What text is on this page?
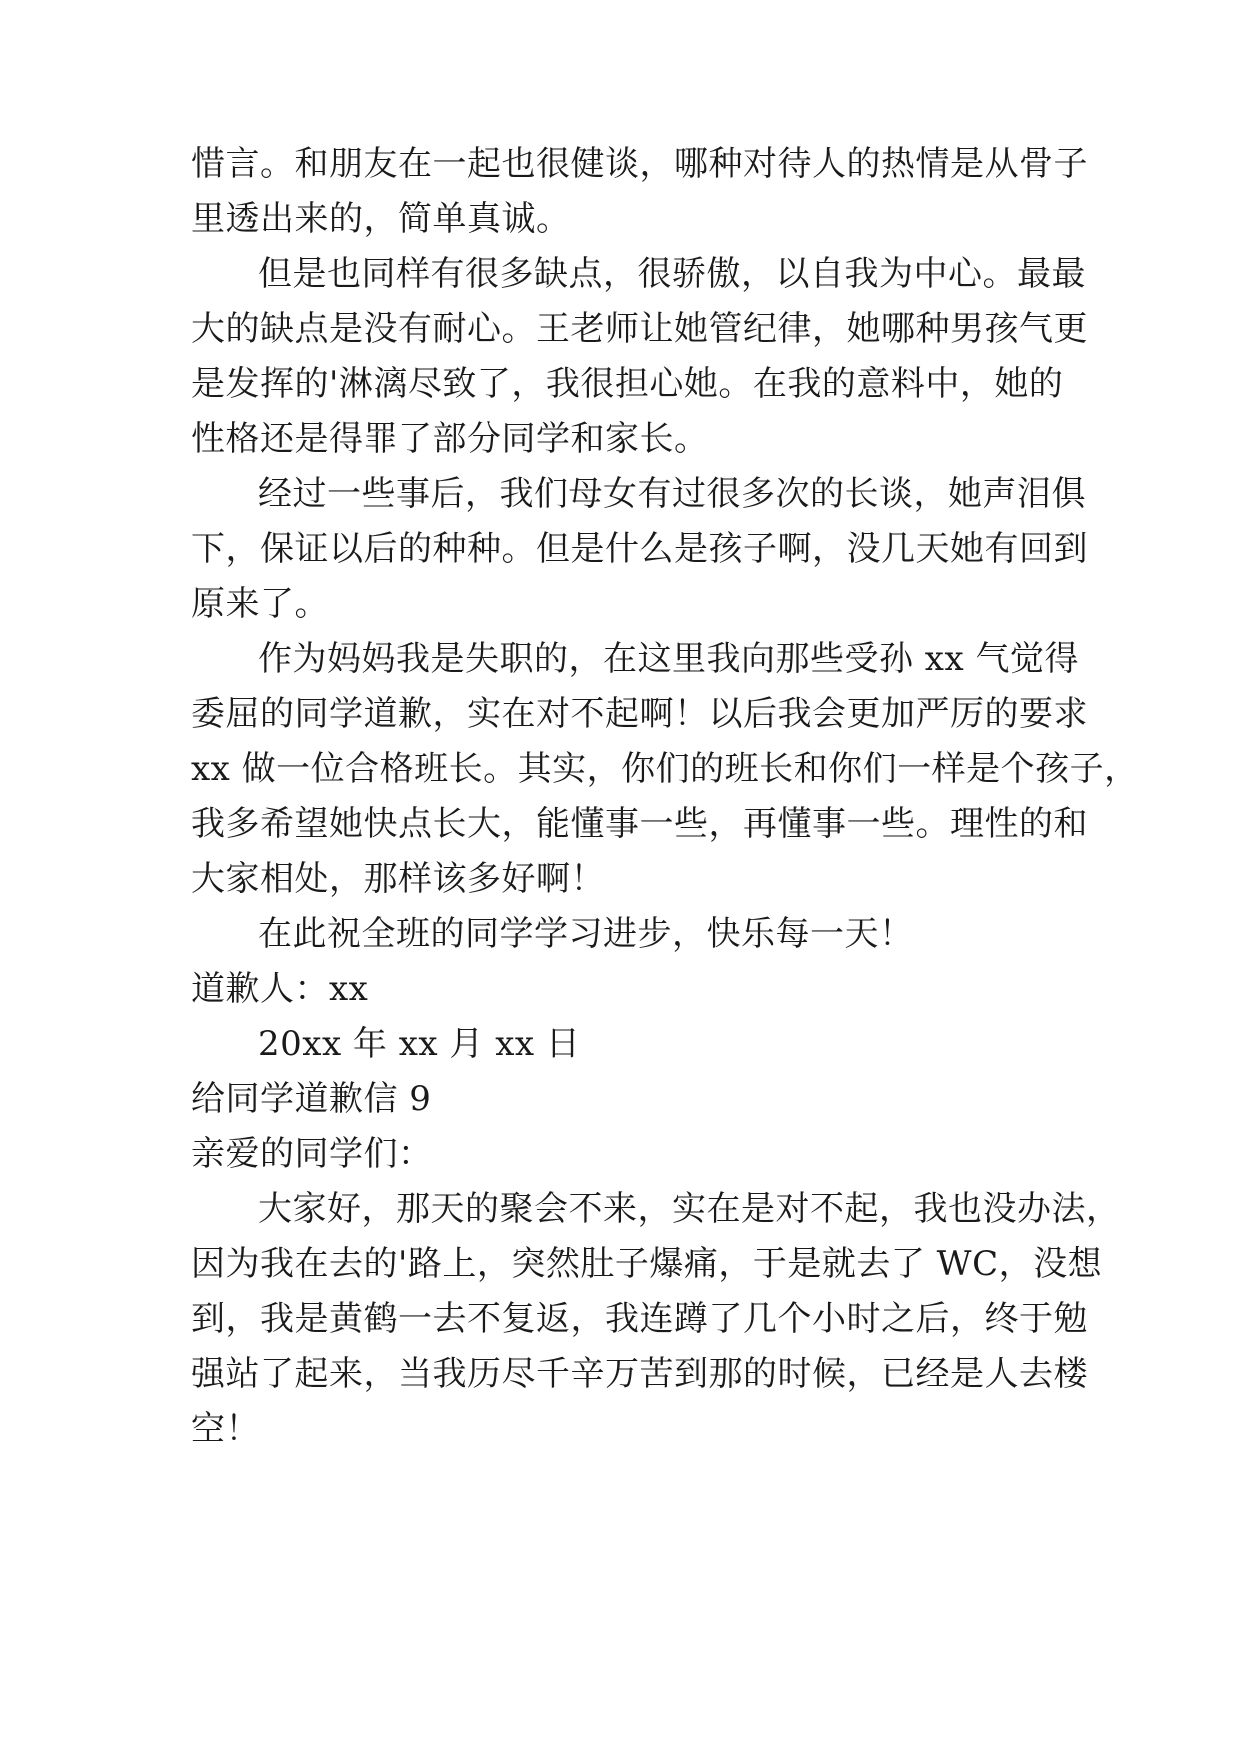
惜言。和朋友在一起也很健谈，哪种对待人的热情是从骨子
里透出来的，简单真诚。
但是也同样有很多缺点，很骄傲，以自我为中心。最最
大的缺点是没有耐心。王老师让她管纪律，她哪种男孩气更
是发挥的'淋漓尽致了，我很担心她。在我的意料中，她的
性格还是得罪了部分同学和家长。
经过一些事后，我们母女有过很多次的长谈，她声泪俱
下，保证以后的种种。但是什么是孩子啊，没几天她有回到
原来了。
作为妈妈我是失职的，在这里我向那些受孙 xx 气觉得
委屈的同学道歉，实在对不起啊！以后我会更加严厉的要求
xx 做一位合格班长。其实，你们的班长和你们一样是个孩子，
我多希望她快点长大，能懂事一些，再懂事一些。理性的和
大家相处，那样该多好啊！
在此祝全班的同学学习进步，快乐每一天！
道歉人：xx
20xx 年 xx 月 xx 日
给同学道歉信 9
亲爱的同学们：
大家好，那天的聚会不来，实在是对不起，我也没办法，
因为我在去的'路上，突然肚子爆痛，于是就去了 WC，没想
到，我是黄鹤一去不复返，我连蹲了几个小时之后，终于勉
强站了起来，当我历尽千辛万苦到那的时候，已经是人去楼
空！
